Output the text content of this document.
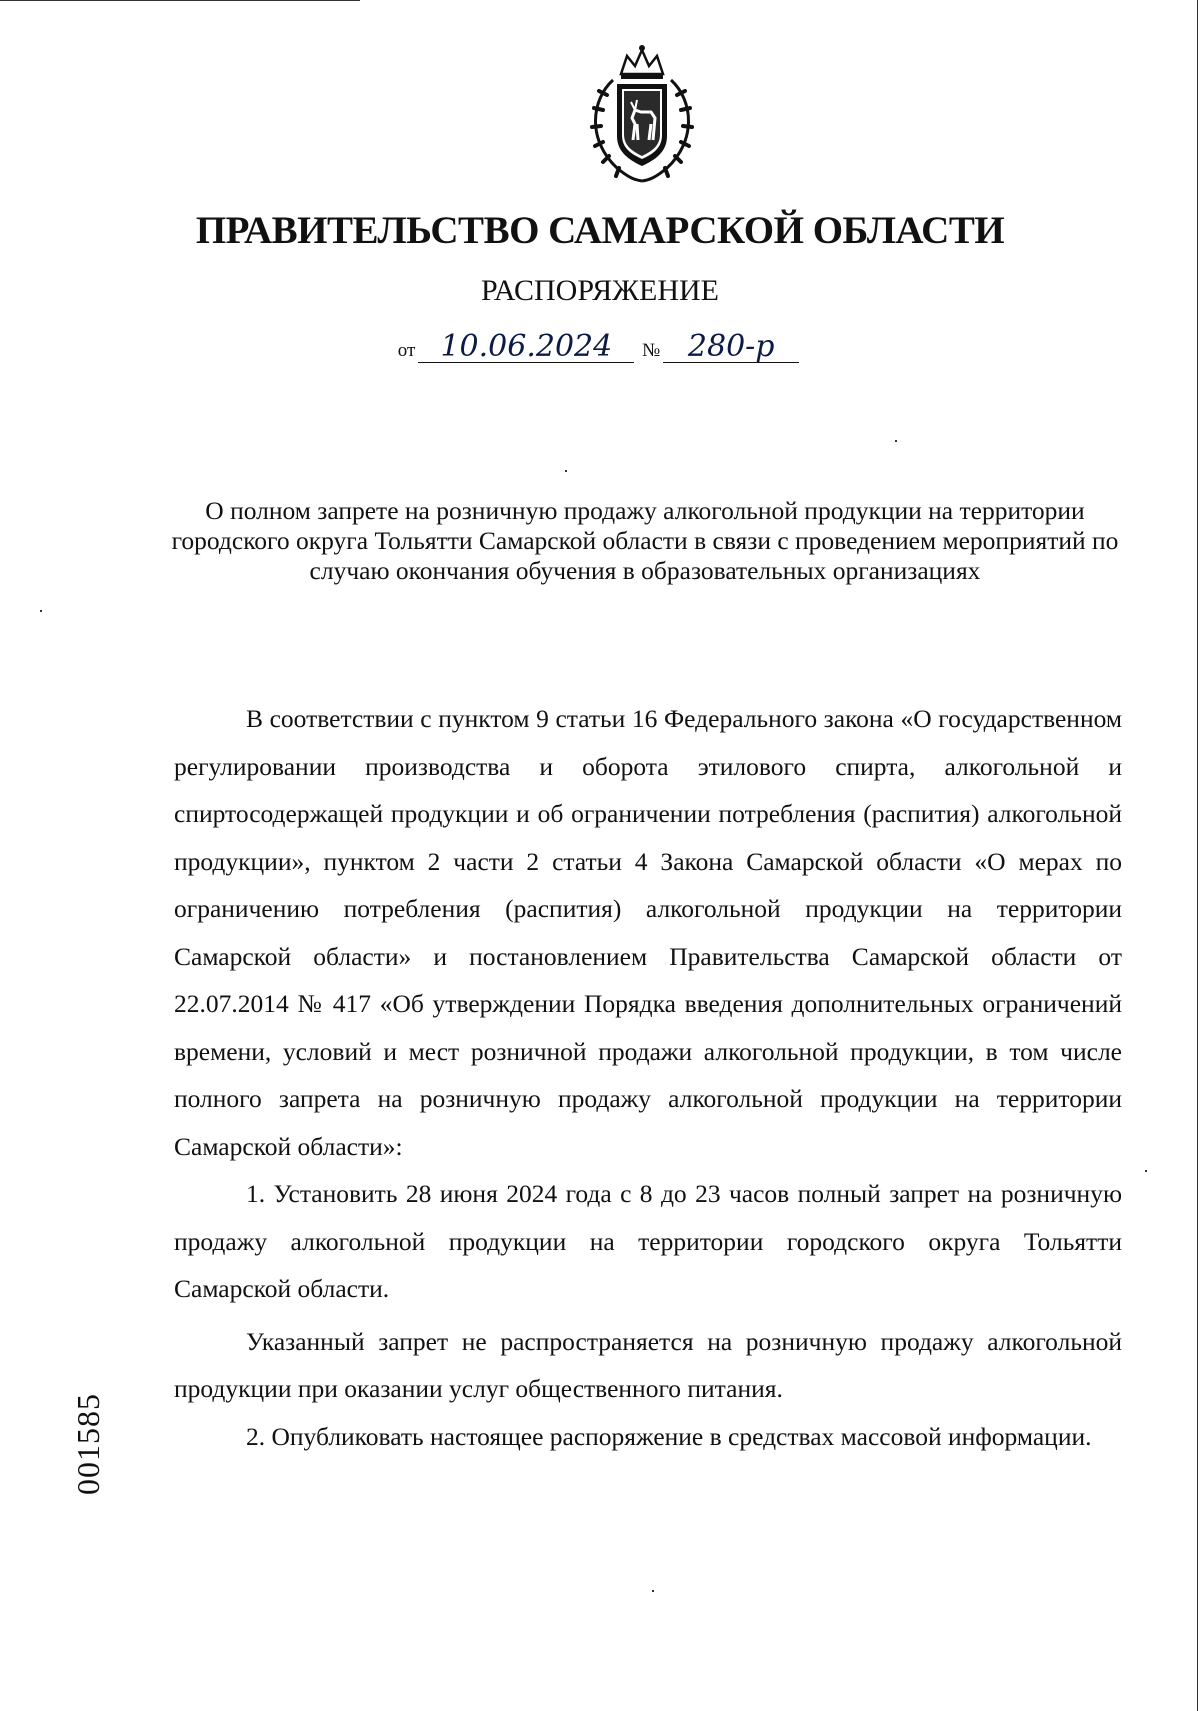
ПРАВИТЕЛЬСТВО САМАРСКОЙ ОБЛАСТИ
РАСПОРЯЖЕНИЕ
от 10.06.2024 № 280-р
О полном запрете на розничную продажу алкогольной продукции на территории городского округа Тольятти Самарской области в связи с проведением мероприятий по случаю окончания обучения в образовательных организациях

В соответствии с пунктом 9 статьи 16 Федерального закона «О государственном регулировании производства и оборота этилового спирта, алкогольной и спиртосодержащей продукции и об ограничении потребления (распития) алкогольной продукции», пунктом 2 части 2 статьи 4 Закона Самарской области «О мерах по ограничению потребления (распития) алкогольной продукции на территории Самарской области» и постановлением Правительства Самарской области от 22.07.2014 № 417 «Об утверждении Порядка введения дополнительных ограничений времени, условий и мест розничной продажи алкогольной продукции, в том числе полного запрета на розничную продажу алкогольной продукции на территории Самарской области»:

1. Установить 28 июня 2024 года с 8 до 23 часов полный запрет на розничную продажу алкогольной продукции на территории городского округа Тольятти Самарской области.

Указанный запрет не распространяется на розничную продажу алкогольной продукции при оказании услуг общественного питания.

2. Опубликовать настоящее распоряжение в средствах массовой информации.

001585
